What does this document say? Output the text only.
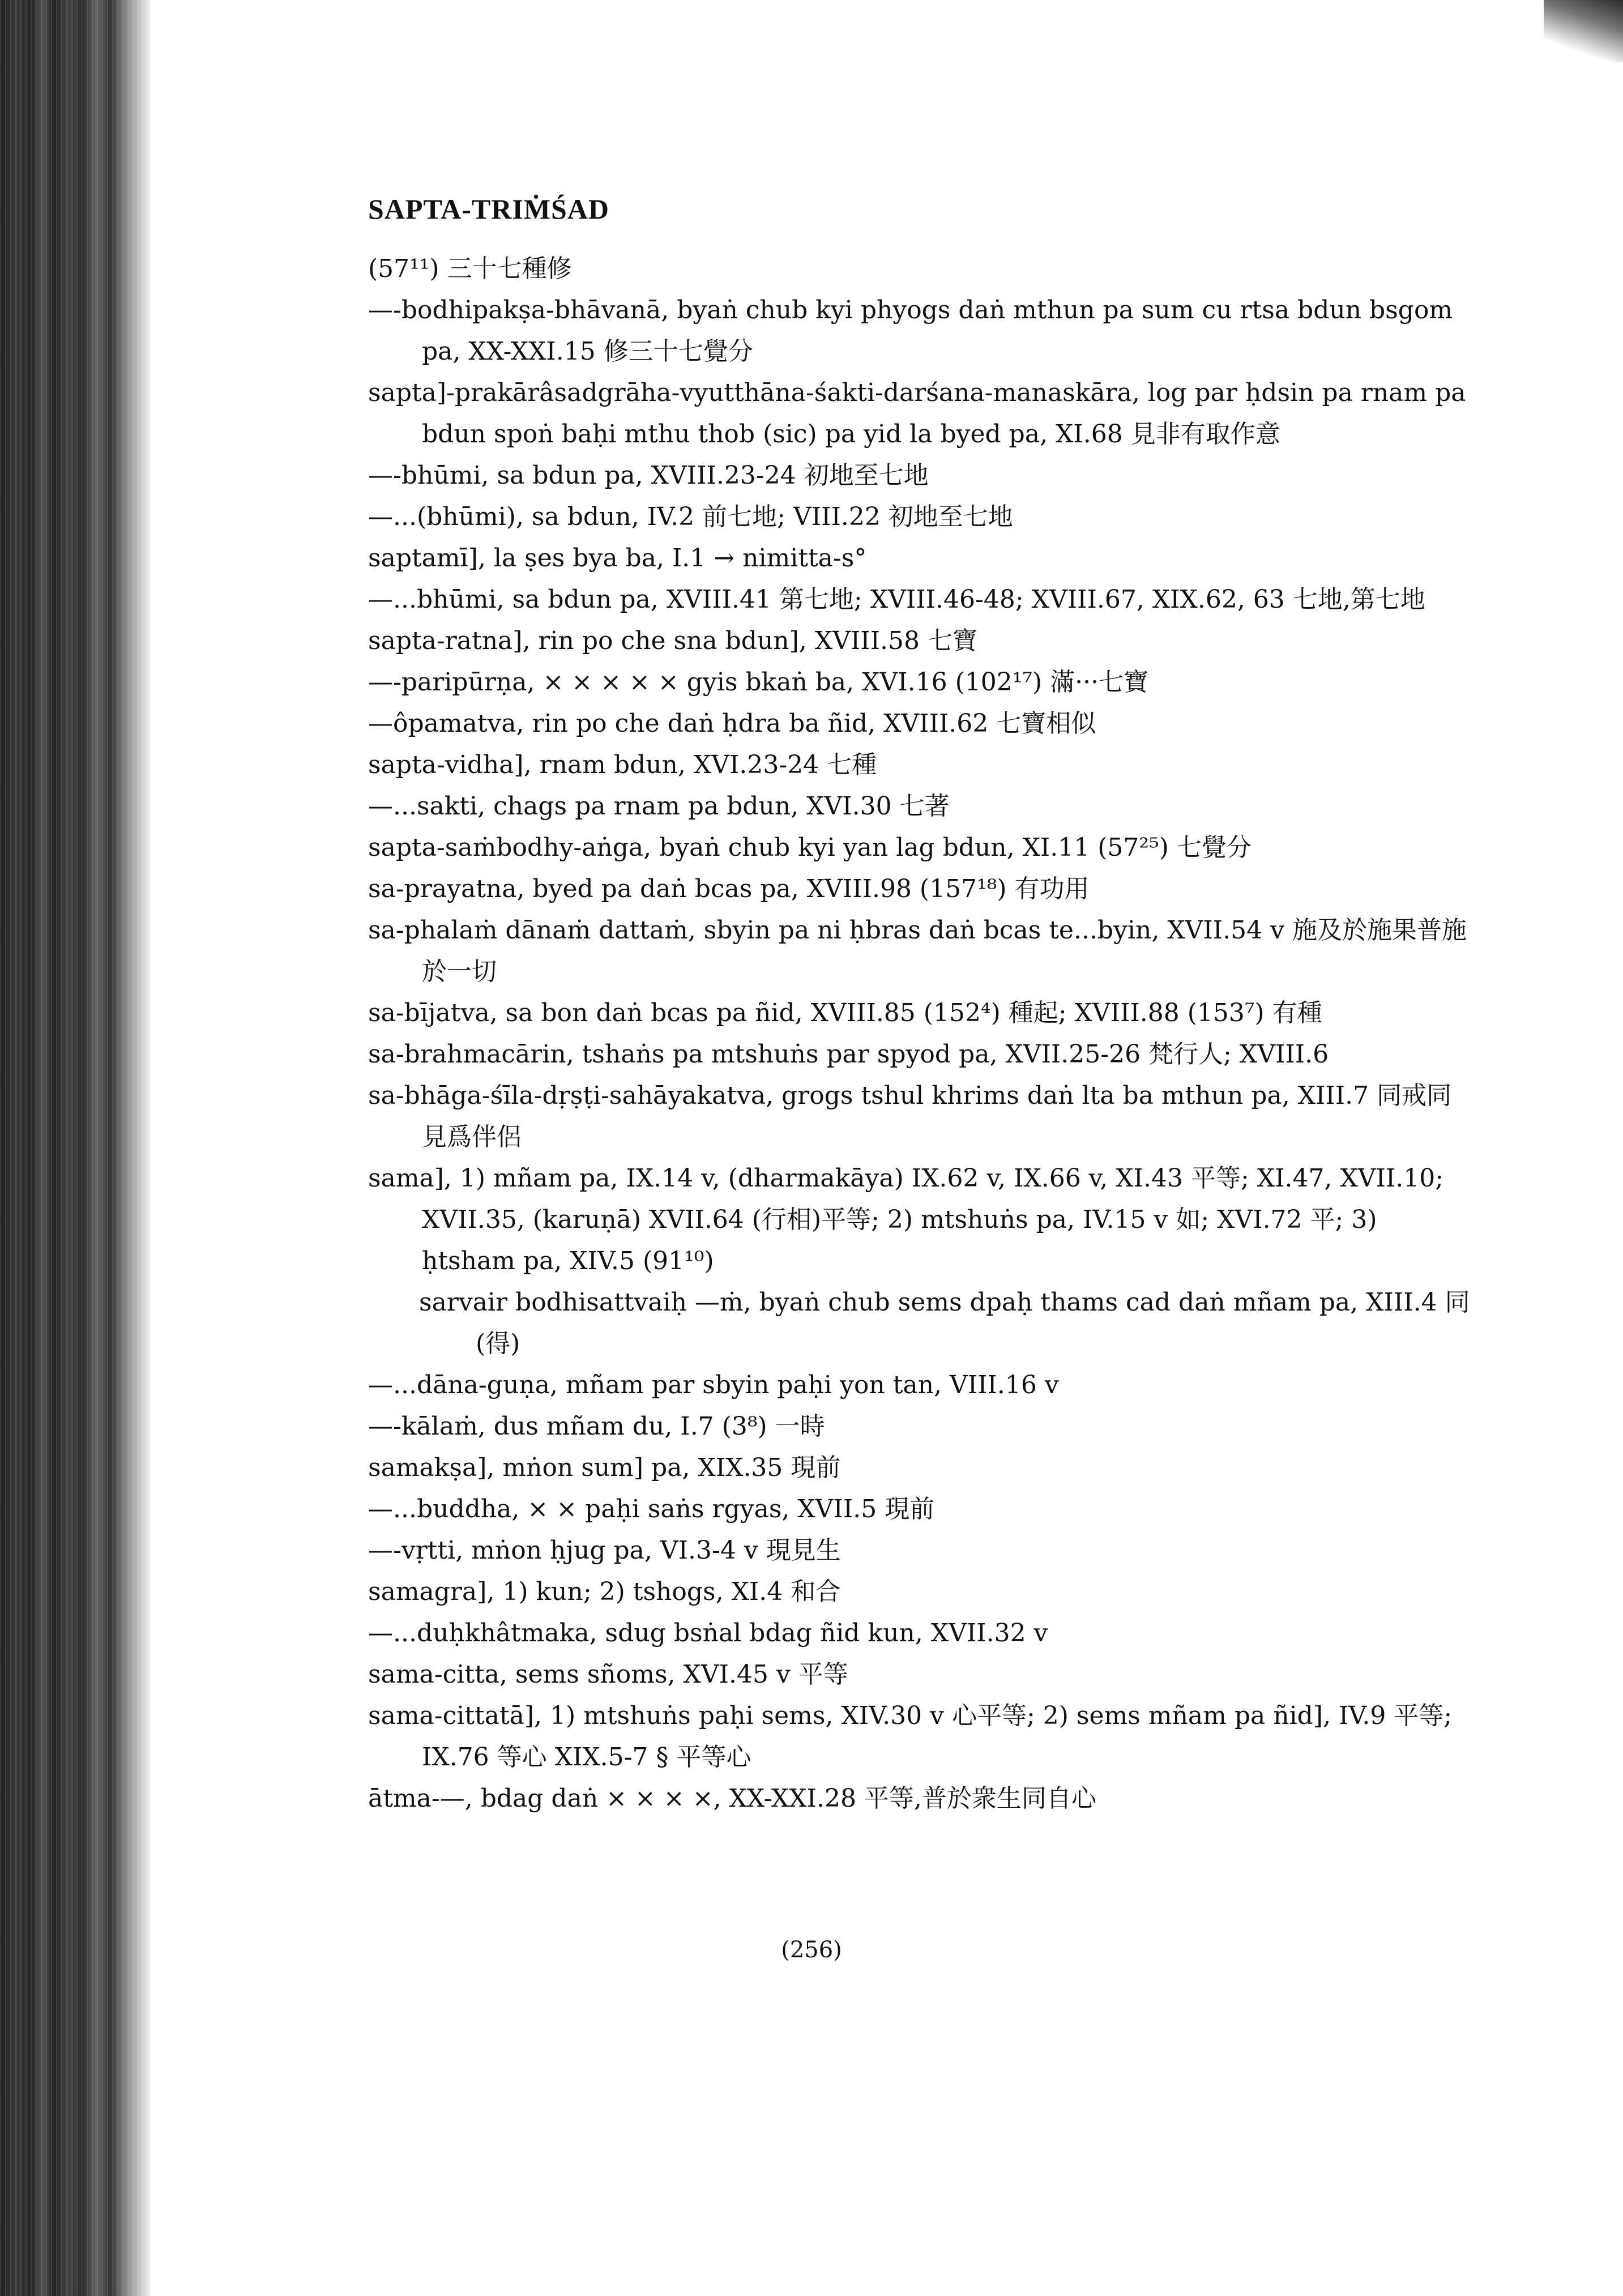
SAPTA-TRIṀŚAD
(57¹¹) 三十七種修
—-bodhipakṣa-bhāvanā, byaṅ chub kyi phyogs daṅ mthun pa sum cu rtsa bdun bsgom pa, XX-XXI.15 修三十七覺分
sapta]-prakārâsadgrāha-vyutthāna-śakti-darśana-manaskāra, log par ḥdsin pa rnam pa bdun spoṅ baḥi mthu thob (sic) pa yid la byed pa, XI.68 見非有取作意
—-bhūmi, sa bdun pa, XVIII.23-24 初地至七地
—...(bhūmi), sa bdun, IV.2 前七地; VIII.22 初地至七地
saptamī], la ṣes bya ba, I.1 → nimitta-s°
—...bhūmi, sa bdun pa, XVIII.41 第七地; XVIII.46-48; XVIII.67, XIX.62, 63 七地,第七地
sapta-ratna], rin po che sna bdun], XVIII.58 七寶
—-paripūrṇa, × × × × × gyis bkaṅ ba, XVI.16 (102¹⁷) 滿···七寶
—ôpamatva, rin po che daṅ ḥdra ba ñid, XVIII.62 七寶相似
sapta-vidha], rnam bdun, XVI.23-24 七種
—...sakti, chags pa rnam pa bdun, XVI.30 七著
sapta-saṁbodhy-aṅga, byaṅ chub kyi yan lag bdun, XI.11 (57²⁵) 七覺分
sa-prayatna, byed pa daṅ bcas pa, XVIII.98 (157¹⁸) 有功用
sa-phalaṁ dānaṁ dattaṁ, sbyin pa ni ḥbras daṅ bcas te...byin, XVII.54 v 施及於施果普施於一切
sa-bījatva, sa bon daṅ bcas pa ñid, XVIII.85 (152⁴) 種起; XVIII.88 (153⁷) 有種
sa-brahmacārin, tshaṅs pa mtshuṅs par spyod pa, XVII.25-26 梵行人; XVIII.6
sa-bhāga-śīla-dṛṣṭi-sahāyakatva, grogs tshul khrims daṅ lta ba mthun pa, XIII.7 同戒同見爲伴侶
sama], 1) mñam pa, IX.14 v, (dharmakāya) IX.62 v, IX.66 v, XI.43 平等; XI.47, XVII.10; XVII.35, (karuṇā) XVII.64 (行相)平等; 2) mtshuṅs pa, IV.15 v 如; XVI.72 平; 3) ḥtsham pa, XIV.5 (91¹⁰)
sarvair bodhisattvaiḥ —ṁ, byaṅ chub sems dpaḥ thams cad daṅ mñam pa, XIII.4 同(得)
—...dāna-guṇa, mñam par sbyin paḥi yon tan, VIII.16 v
—-kālaṁ, dus mñam du, I.7 (3⁸) 一時
samakṣa], mṅon sum] pa, XIX.35 現前
—...buddha, × × paḥi saṅs rgyas, XVII.5 現前
—-vṛtti, mṅon ḥjug pa, VI.3-4 v 現見生
samagra], 1) kun; 2) tshogs, XI.4 和合
—...duḥkhâtmaka, sdug bsṅal bdag ñid kun, XVII.32 v
sama-citta, sems sñoms, XVI.45 v 平等
sama-cittatā], 1) mtshuṅs paḥi sems, XIV.30 v 心平等; 2) sems mñam pa ñid], IV.9 平等; IX.76 等心 XIX.5-7 § 平等心
ātma-—, bdag daṅ × × × ×, XX-XXI.28 平等,普於衆生同自心
(256)
